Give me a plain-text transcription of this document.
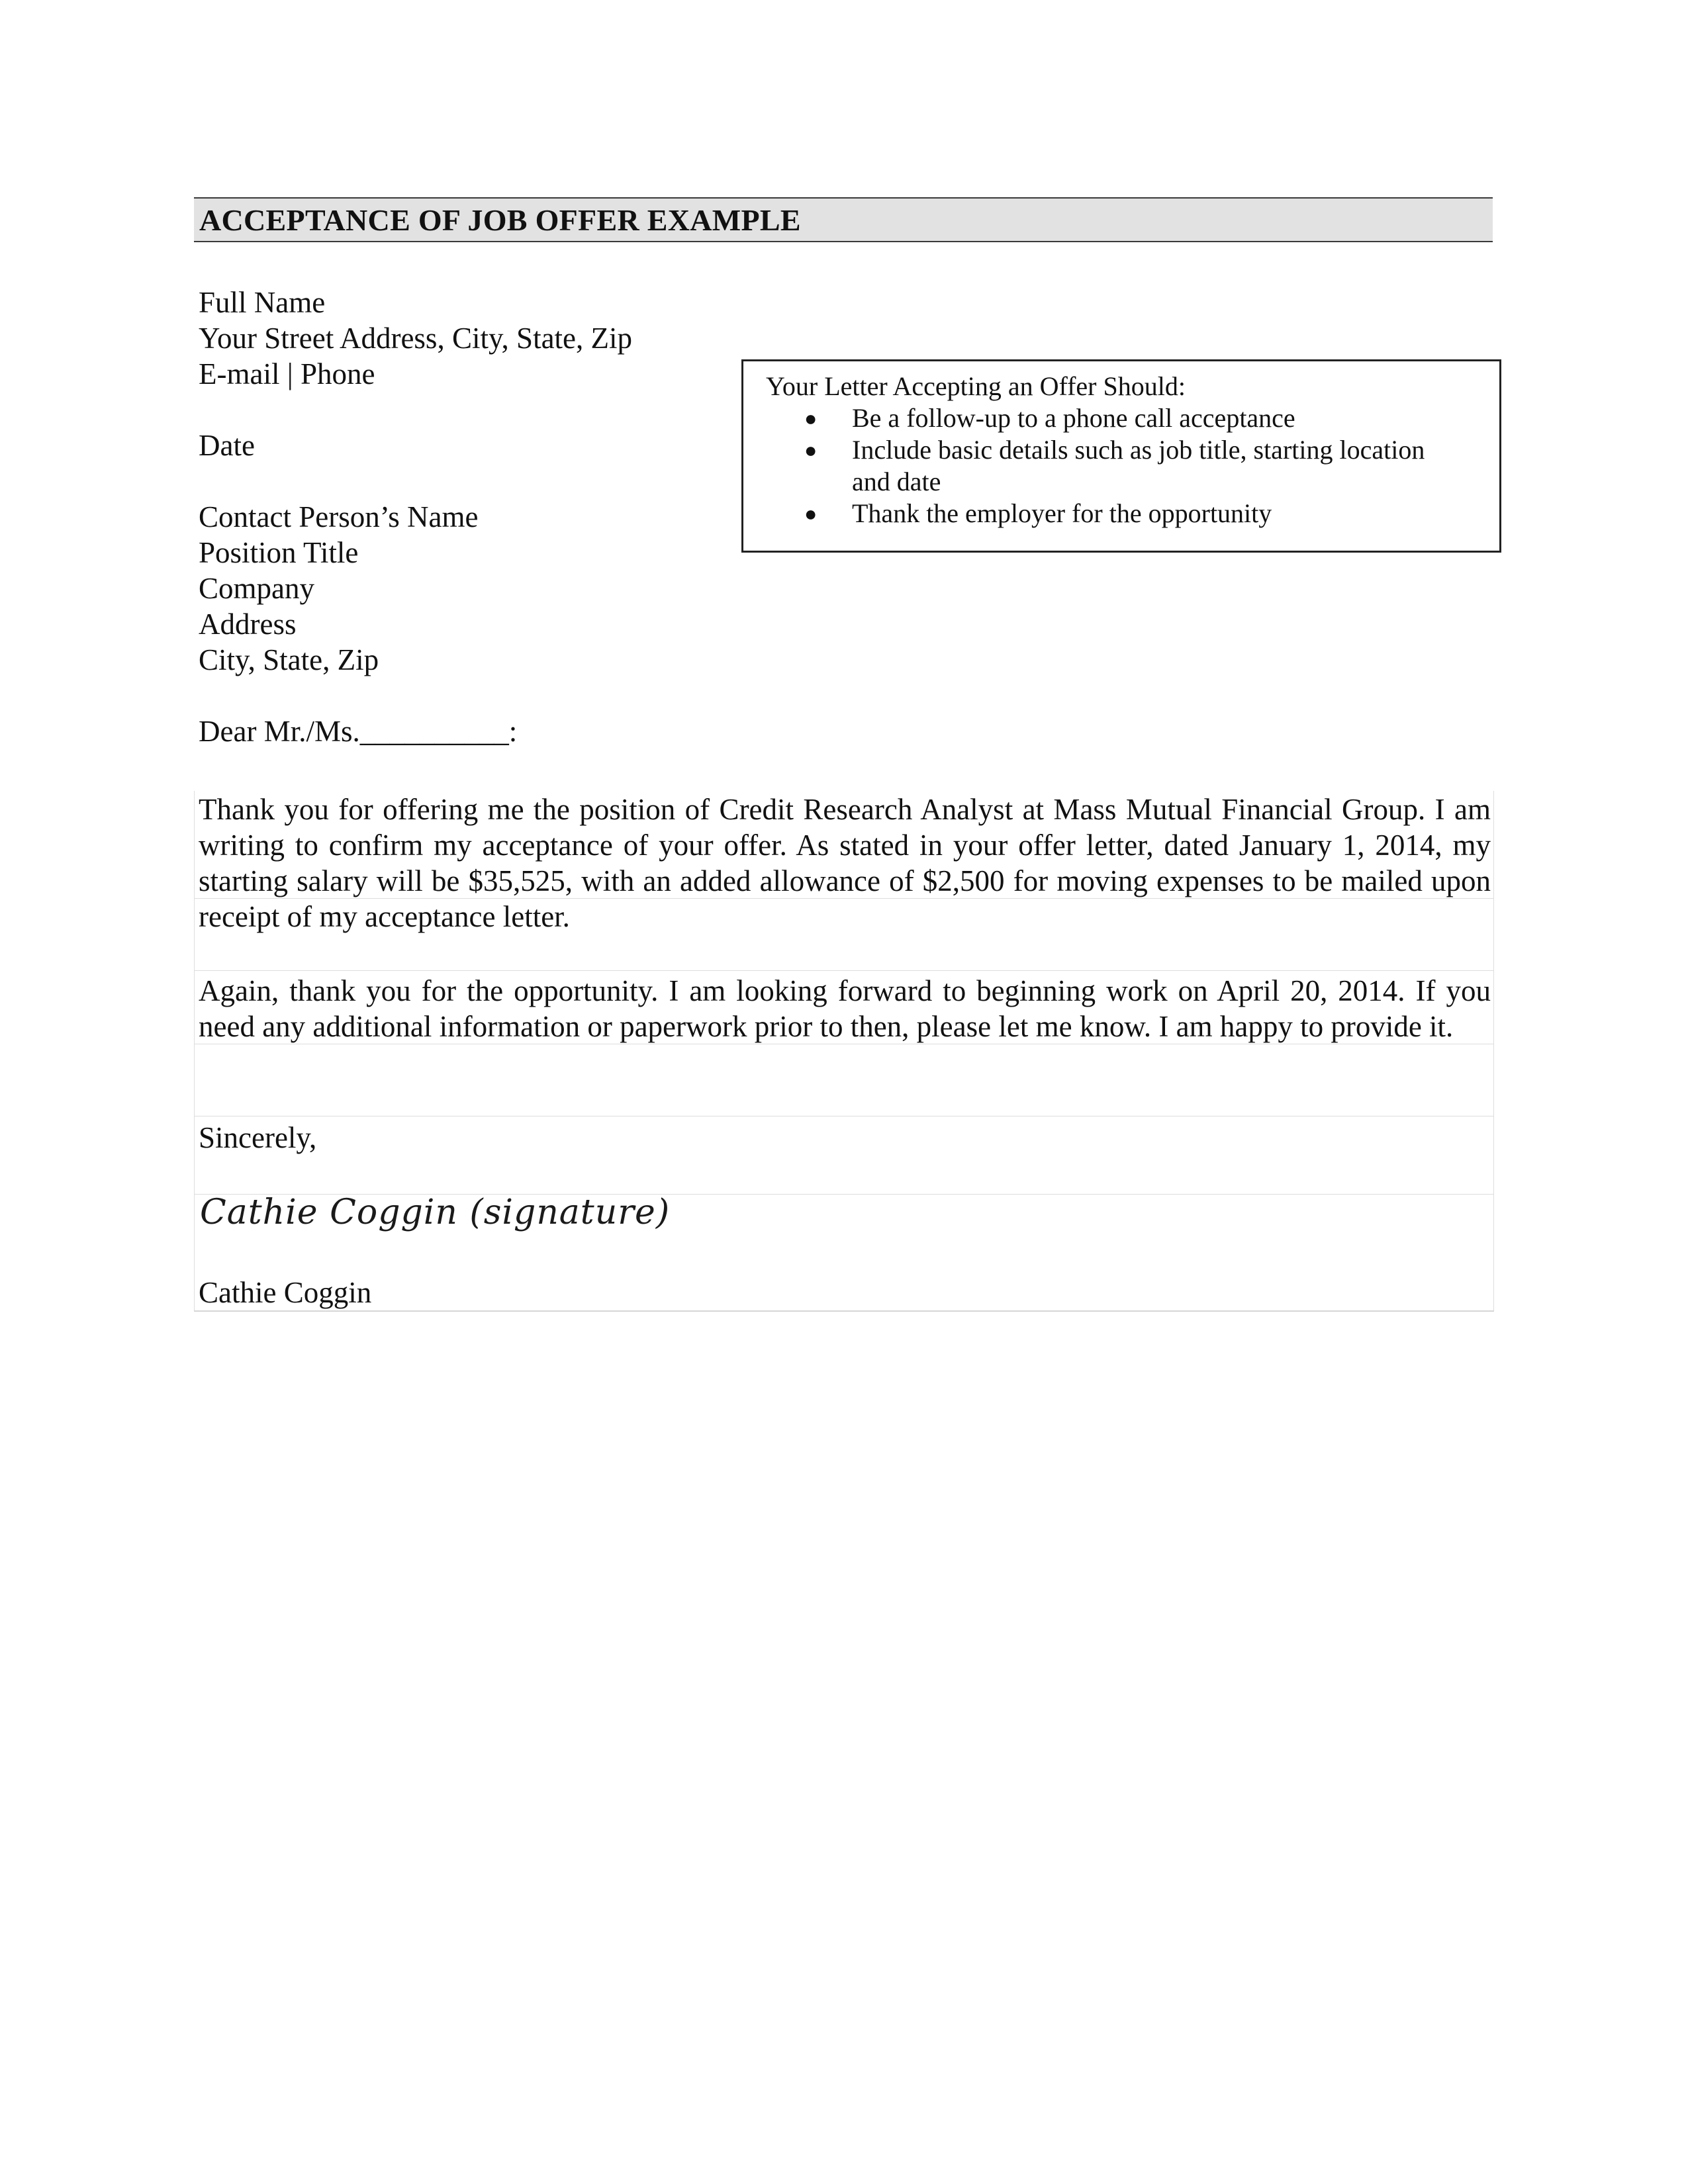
ACCEPTANCE OF JOB OFFER EXAMPLE
Full Name
Your Street Address, City, State, Zip
E-mail | Phone
Date
Contact Person’s Name
Position Title
Company
Address
City, State, Zip
Dear Mr./Ms.__________:
Your Letter Accepting an Offer Should:
● Be a follow-up to a phone call acceptance
● Include basic details such as job title, starting location and date
● Thank the employer for the opportunity
Thank you for offering me the position of Credit Research Analyst at Mass Mutual Financial Group. I am writing to confirm my acceptance of your offer. As stated in your offer letter, dated January 1, 2014, my starting salary will be $35,525, with an added allowance of $2,500 for moving expenses to be mailed upon receipt of my acceptance letter.
Again, thank you for the opportunity. I am looking forward to beginning work on April 20, 2014. If you need any additional information or paperwork prior to then, please let me know. I am happy to provide it.
Sincerely,
Cathie Coggin (signature)
Cathie Coggin
